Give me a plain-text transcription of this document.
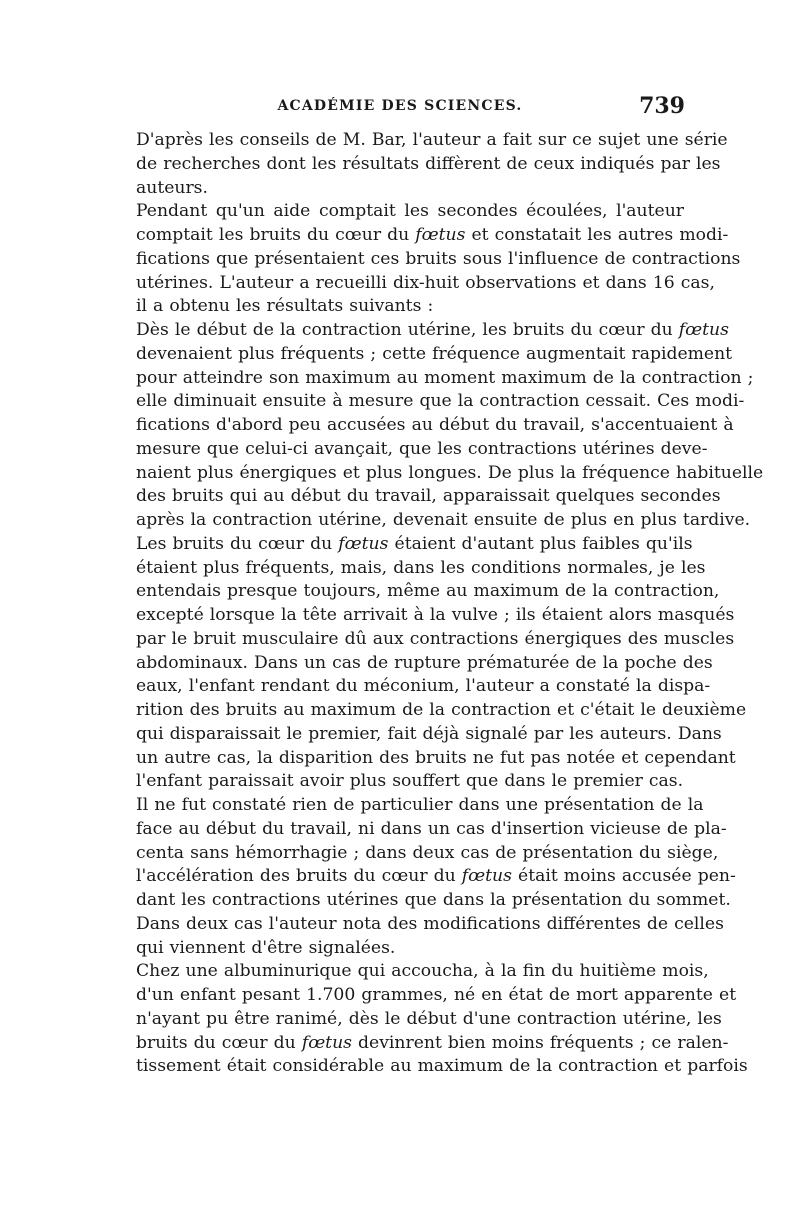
ACADÉMIE DES SCIENCES.	739

D'après les conseils de M. Bar, l'auteur a fait sur ce sujet une série
de recherches dont les résultats diffèrent de ceux indiqués par les
auteurs.

Pendant qu'un aide comptait les secondes écoulées, l'auteur
comptait les bruits du cœur du fœtus et constatait les autres modi-
fications que présentaient ces bruits sous l'influence de contractions
utérines. L'auteur a recueilli dix-huit observations et dans 16 cas,
il a obtenu les résultats suivants :

Dès le début de la contraction utérine, les bruits du cœur du fœtus
devenaient plus fréquents ; cette fréquence augmentait rapidement
pour atteindre son maximum au moment maximum de la contraction ;
elle diminuait ensuite à mesure que la contraction cessait. Ces modi-
fications d'abord peu accusées au début du travail, s'accentuaient à
mesure que celui-ci avançait, que les contractions utérines deve-
naient plus énergiques et plus longues. De plus la fréquence habituelle
des bruits qui au début du travail, apparaissait quelques secondes
après la contraction utérine, devenait ensuite de plus en plus tardive.

Les bruits du cœur du fœtus étaient d'autant plus faibles qu'ils
étaient plus fréquents, mais, dans les conditions normales, je les
entendais presque toujours, même au maximum de la contraction,
excepté lorsque la tête arrivait à la vulve ; ils étaient alors masqués
par le bruit musculaire dû aux contractions énergiques des muscles
abdominaux. Dans un cas de rupture prématurée de la poche des
eaux, l'enfant rendant du méconium, l'auteur a constaté la dispa-
rition des bruits au maximum de la contraction et c'était le deuxième
qui disparaissait le premier, fait déjà signalé par les auteurs. Dans
un autre cas, la disparition des bruits ne fut pas notée et cependant
l'enfant paraissait avoir plus souffert que dans le premier cas.

Il ne fut constaté rien de particulier dans une présentation de la
face au début du travail, ni dans un cas d'insertion vicieuse de pla-
centa sans hémorrhagie ; dans deux cas de présentation du siège,
l'accélération des bruits du cœur du fœtus était moins accusée pen-
dant les contractions utérines que dans la présentation du sommet.

Dans deux cas l'auteur nota des modifications différentes de celles
qui viennent d'être signalées.

Chez une albuminurique qui accoucha, à la fin du huitième mois,
d'un enfant pesant 1.700 grammes, né en état de mort apparente et
n'ayant pu être ranimé, dès le début d'une contraction utérine, les
bruits du cœur du fœtus devinrent bien moins fréquents ; ce ralen-
tissement était considérable au maximum de la contraction et parfois
